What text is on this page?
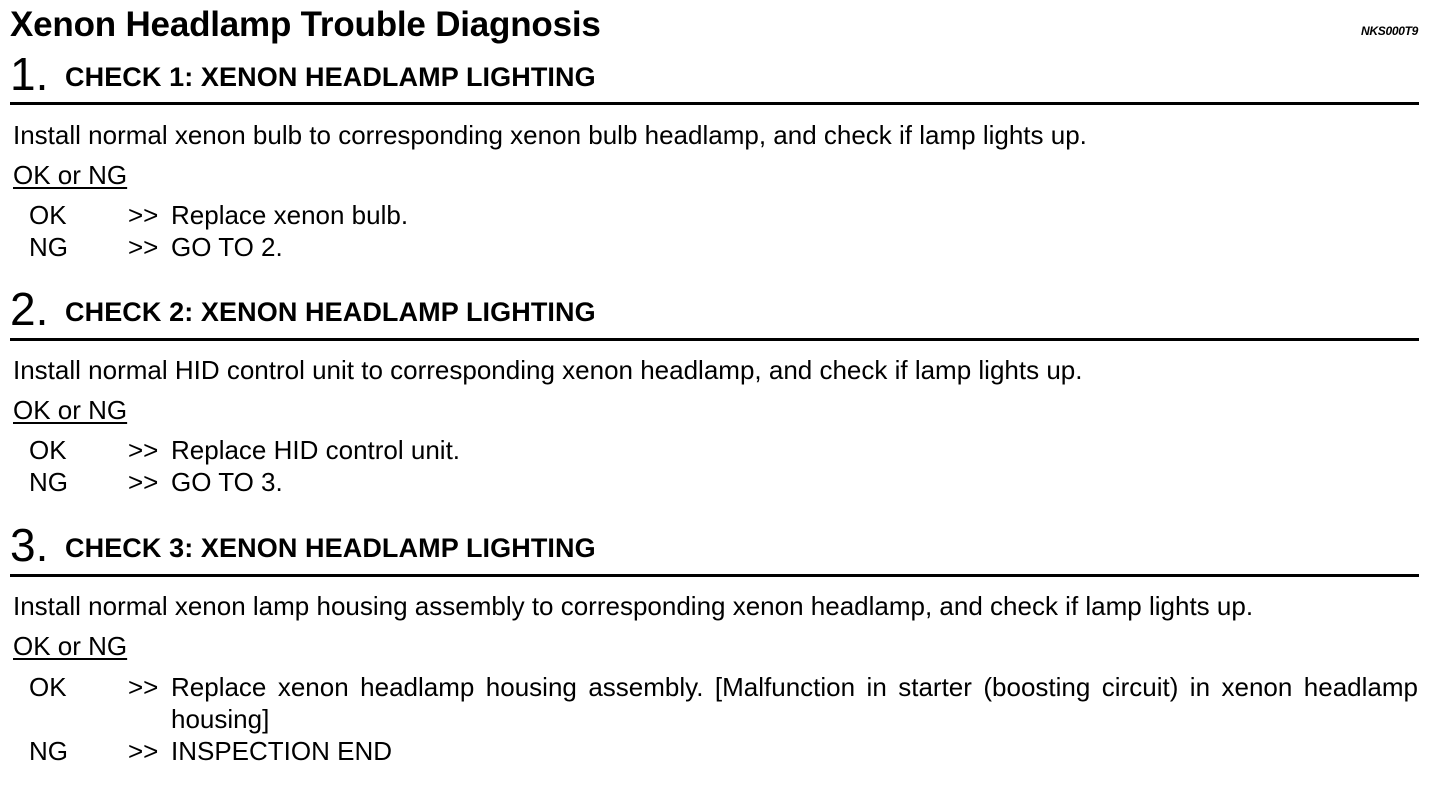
Xenon Headlamp Trouble Diagnosis	NKS000T9
1. CHECK 1: XENON HEADLAMP LIGHTING
Install normal xenon bulb to corresponding xenon bulb headlamp, and check if lamp lights up.
OK or NG
OK >> Replace xenon bulb.
NG >> GO TO 2.
2. CHECK 2: XENON HEADLAMP LIGHTING
Install normal HID control unit to corresponding xenon headlamp, and check if lamp lights up.
OK or NG
OK >> Replace HID control unit.
NG >> GO TO 3.
3. CHECK 3: XENON HEADLAMP LIGHTING
Install normal xenon lamp housing assembly to corresponding xenon headlamp, and check if lamp lights up.
OK or NG
OK >> Replace xenon headlamp housing assembly. [Malfunction in starter (boosting circuit) in xenon headlamp housing]
NG >> INSPECTION END
